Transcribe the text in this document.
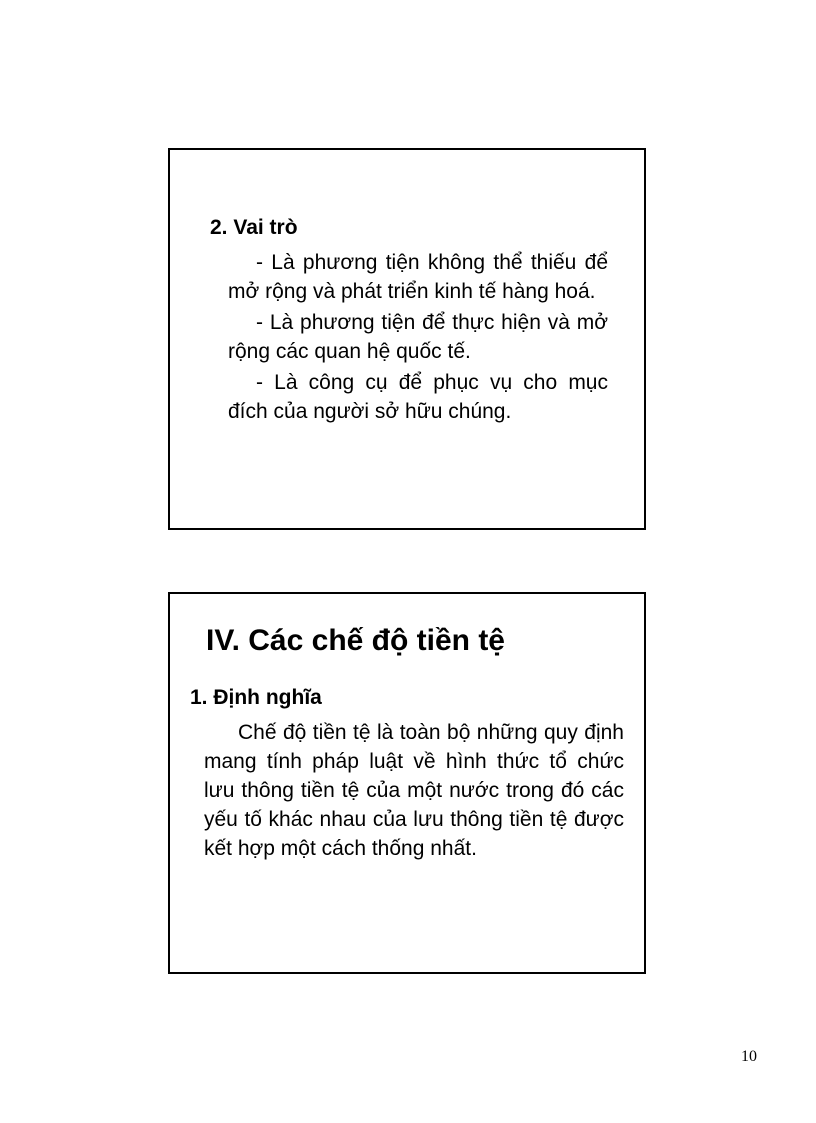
2. Vai trò
- Là phương tiện không thể thiếu để mở rộng và phát triển kinh tế hàng hoá.
- Là phương tiện để thực hiện và mở rộng các quan hệ quốc tế.
- Là công cụ để phục vụ cho mục đích của người sở hữu chúng.
IV. Các chế độ tiền tệ
1. Định nghĩa
Chế độ tiền tệ là toàn bộ những quy định mang tính pháp luật về hình thức tổ chức lưu thông tiền tệ của một nước trong đó các yếu tố khác nhau của lưu thông tiền tệ được kết hợp một cách thống nhất.
10
